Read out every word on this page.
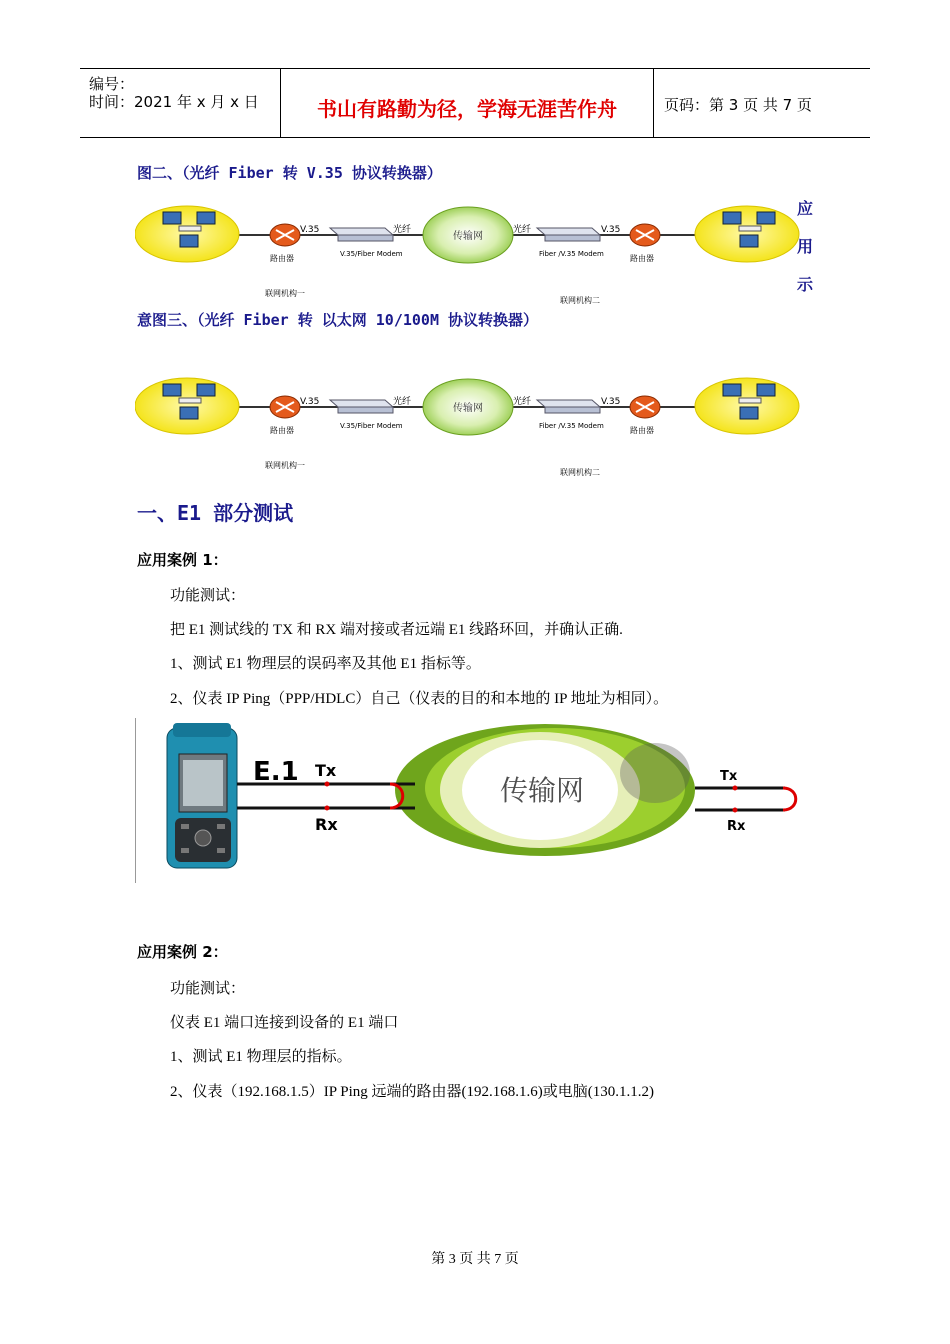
编号：
时间：2021 年 x 月 x 日	书山有路勤为径，学海无涯苦作舟	页码：第 3 页 共 7 页
图二、（光纤 Fiber 转 V.35 协议转换器）
应
用
示
V.35
路由器	V.35/Fiber Modem
光纤
传输网
光纤
Fiber /V.35 Modem
V.35
路由器
联网机构一
联网机构二
意图三、（光纤 Fiber 转 以太网 10/100M 协议转换器）
V.35
路由器	V.35/Fiber Modem
光纤
传输网
光纤
Fiber /V.35 Modem
V.35
路由器
联网机构一
联网机构二
一、E1 部分测试
应用案例 1：
功能测试：
把 E1 测试线的 TX 和 RX 端对接或者远端 E1 线路环回，并确认正确.
1、测试 E1 物理层的误码率及其他 E1 指标等。
2、仪表 IP Ping（PPP/HDLC）自己（仪表的目的和本地的 IP 地址为相同）。
传输网
E.1 Tx
Rx
Tx
Rx
应用案例 2：
功能测试：
仪表 E1 端口连接到设备的 E1 端口
1、测试 E1 物理层的指标。
2、仪表（192.168.1.5）IP Ping 远端的路由器(192.168.1.6)或电脑(130.1.1.2)
第 3 页 共 7 页
